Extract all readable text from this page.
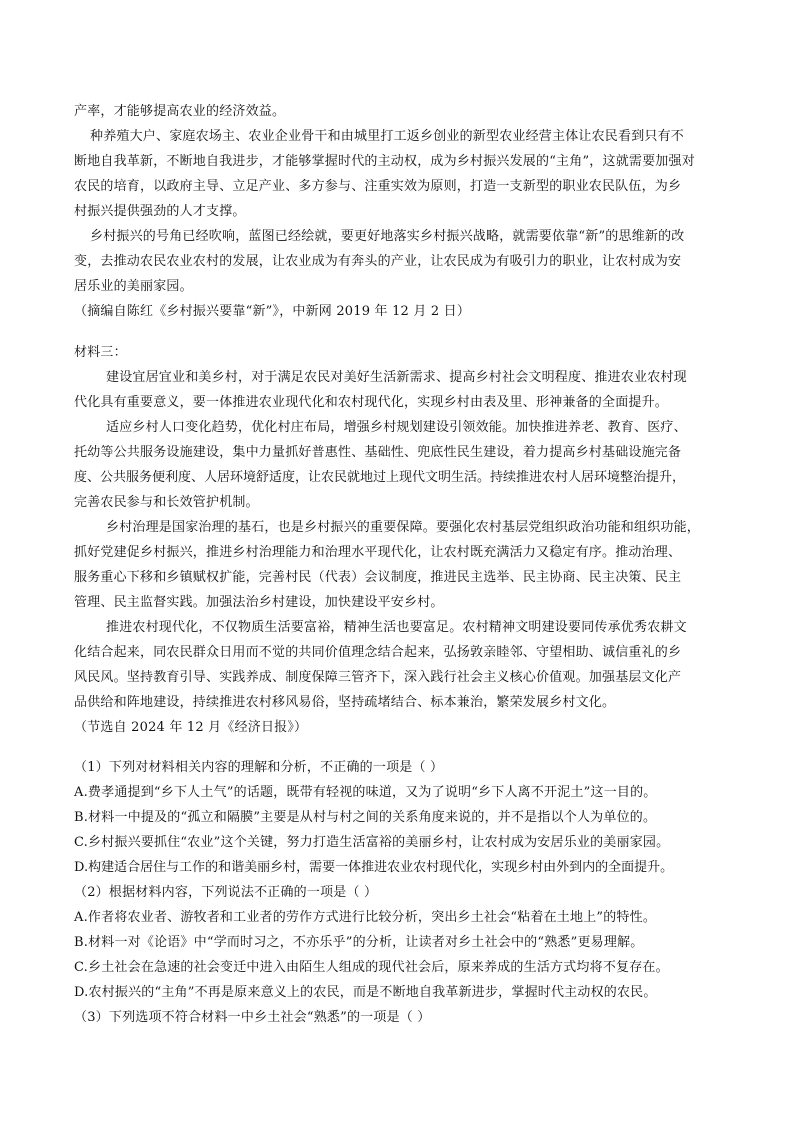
产率，才能够提高农业的经济效益。
种养殖大户、家庭农场主、农业企业骨干和由城里打工返乡创业的新型农业经营主体让农民看到只有不
断地自我革新，不断地自我进步，才能够掌握时代的主动权，成为乡村振兴发展的“主角”，这就需要加强对
农民的培育，以政府主导、立足产业、多方参与、注重实效为原则，打造一支新型的职业农民队伍，为乡
村振兴提供强劲的人才支撑。
乡村振兴的号角已经吹响，蓝图已经绘就，要更好地落实乡村振兴战略，就需要依靠“新”的思维新的改
变，去推动农民农业农村的发展，让农业成为有奔头的产业，让农民成为有吸引力的职业，让农村成为安
居乐业的美丽家园。
（摘编自陈红《乡村振兴要靠“新”》，中新网 2019 年 12 月 2 日）
材料三：
建设宜居宜业和美乡村，对于满足农民对美好生活新需求、提高乡村社会文明程度、推进农业农村现
代化具有重要意义，要一体推进农业现代化和农村现代化，实现乡村由表及里、形神兼备的全面提升。
适应乡村人口变化趋势，优化村庄布局，增强乡村规划建设引领效能。加快推进养老、教育、医疗、
托幼等公共服务设施建设，集中力量抓好普惠性、基础性、兜底性民生建设，着力提高乡村基础设施完备
度、公共服务便利度、人居环境舒适度，让农民就地过上现代文明生活。持续推进农村人居环境整治提升，
完善农民参与和长效管护机制。
乡村治理是国家治理的基石，也是乡村振兴的重要保障。要强化农村基层党组织政治功能和组织功能，
抓好党建促乡村振兴，推进乡村治理能力和治理水平现代化，让农村既充满活力又稳定有序。推动治理、
服务重心下移和乡镇赋权扩能，完善村民（代表）会议制度，推进民主选举、民主协商、民主决策、民主
管理、民主监督实践。加强法治乡村建设，加快建设平安乡村。
推进农村现代化，不仅物质生活要富裕，精神生活也要富足。农村精神文明建设要同传承优秀农耕文
化结合起来，同农民群众日用而不觉的共同价值理念结合起来，弘扬敦亲睦邻、守望相助、诚信重礼的乡
风民风。坚持教育引导、实践养成、制度保障三管齐下，深入践行社会主义核心价值观。加强基层文化产
品供给和阵地建设，持续推进农村移风易俗，坚持疏堵结合、标本兼治，繁荣发展乡村文化。
（节选自 2024 年 12 月《经济日报》）
（1）下列对材料相关内容的理解和分析，不正确的一项是（ ）
A.费孝通提到“乡下人土气”的话题，既带有轻视的味道，又为了说明“乡下人离不开泥土”这一目的。
B.材料一中提及的“孤立和隔膜”主要是从村与村之间的关系角度来说的，并不是指以个人为单位的。
C.乡村振兴要抓住“农业”这个关键，努力打造生活富裕的美丽乡村，让农村成为安居乐业的美丽家园。
D.构建适合居住与工作的和谐美丽乡村，需要一体推进农业农村现代化，实现乡村由外到内的全面提升。
（2）根据材料内容，下列说法不正确的一项是（ ）
A.作者将农业者、游牧者和工业者的劳作方式进行比较分析，突出乡土社会“粘着在土地上”的特性。
B.材料一对《论语》中“学而时习之，不亦乐乎”的分析，让读者对乡土社会中的“熟悉”更易理解。
C.乡土社会在急速的社会变迁中进入由陌生人组成的现代社会后，原来养成的生活方式均将不复存在。
D.农村振兴的“主角”不再是原来意义上的农民，而是不断地自我革新进步，掌握时代主动权的农民。
（3）下列选项不符合材料一中乡土社会“熟悉”的一项是（ ）
